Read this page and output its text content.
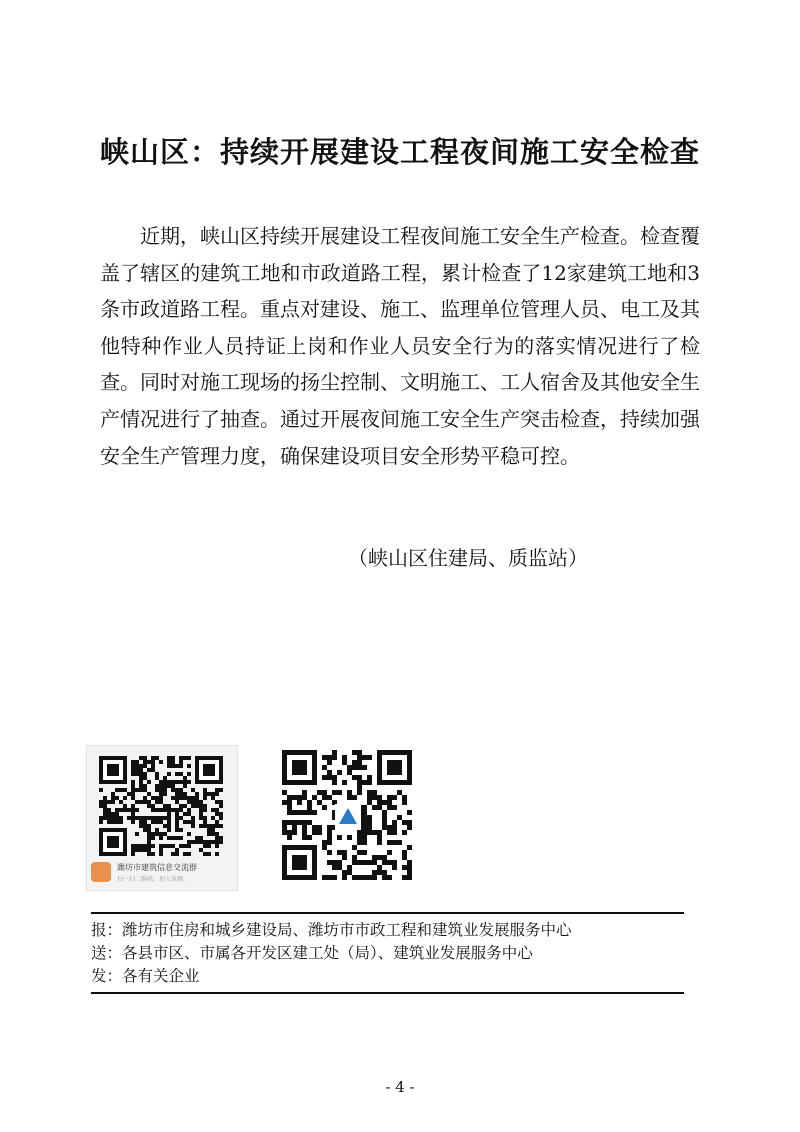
峡山区：持续开展建设工程夜间施工安全检查
近期，峡山区持续开展建设工程夜间施工安全生产检查。检查覆盖了辖区的建筑工地和市政道路工程，累计检查了12家建筑工地和3条市政道路工程。重点对建设、施工、监理单位管理人员、电工及其他特种作业人员持证上岗和作业人员安全行为的落实情况进行了检查。同时对施工现场的扬尘控制、文明施工、工人宿舍及其他安全生产情况进行了抽查。通过开展夜间施工安全生产突击检查，持续加强安全生产管理力度，确保建设项目安全形势平稳可控。
（峡山区住建局、质监站）
潍坊市建筑信息交流群
扫一扫二维码，加入该群。
报：潍坊市住房和城乡建设局、潍坊市市政工程和建筑业发展服务中心
送：各县市区、市属各开发区建工处（局）、建筑业发展服务中心
发：各有关企业
- 4 -
